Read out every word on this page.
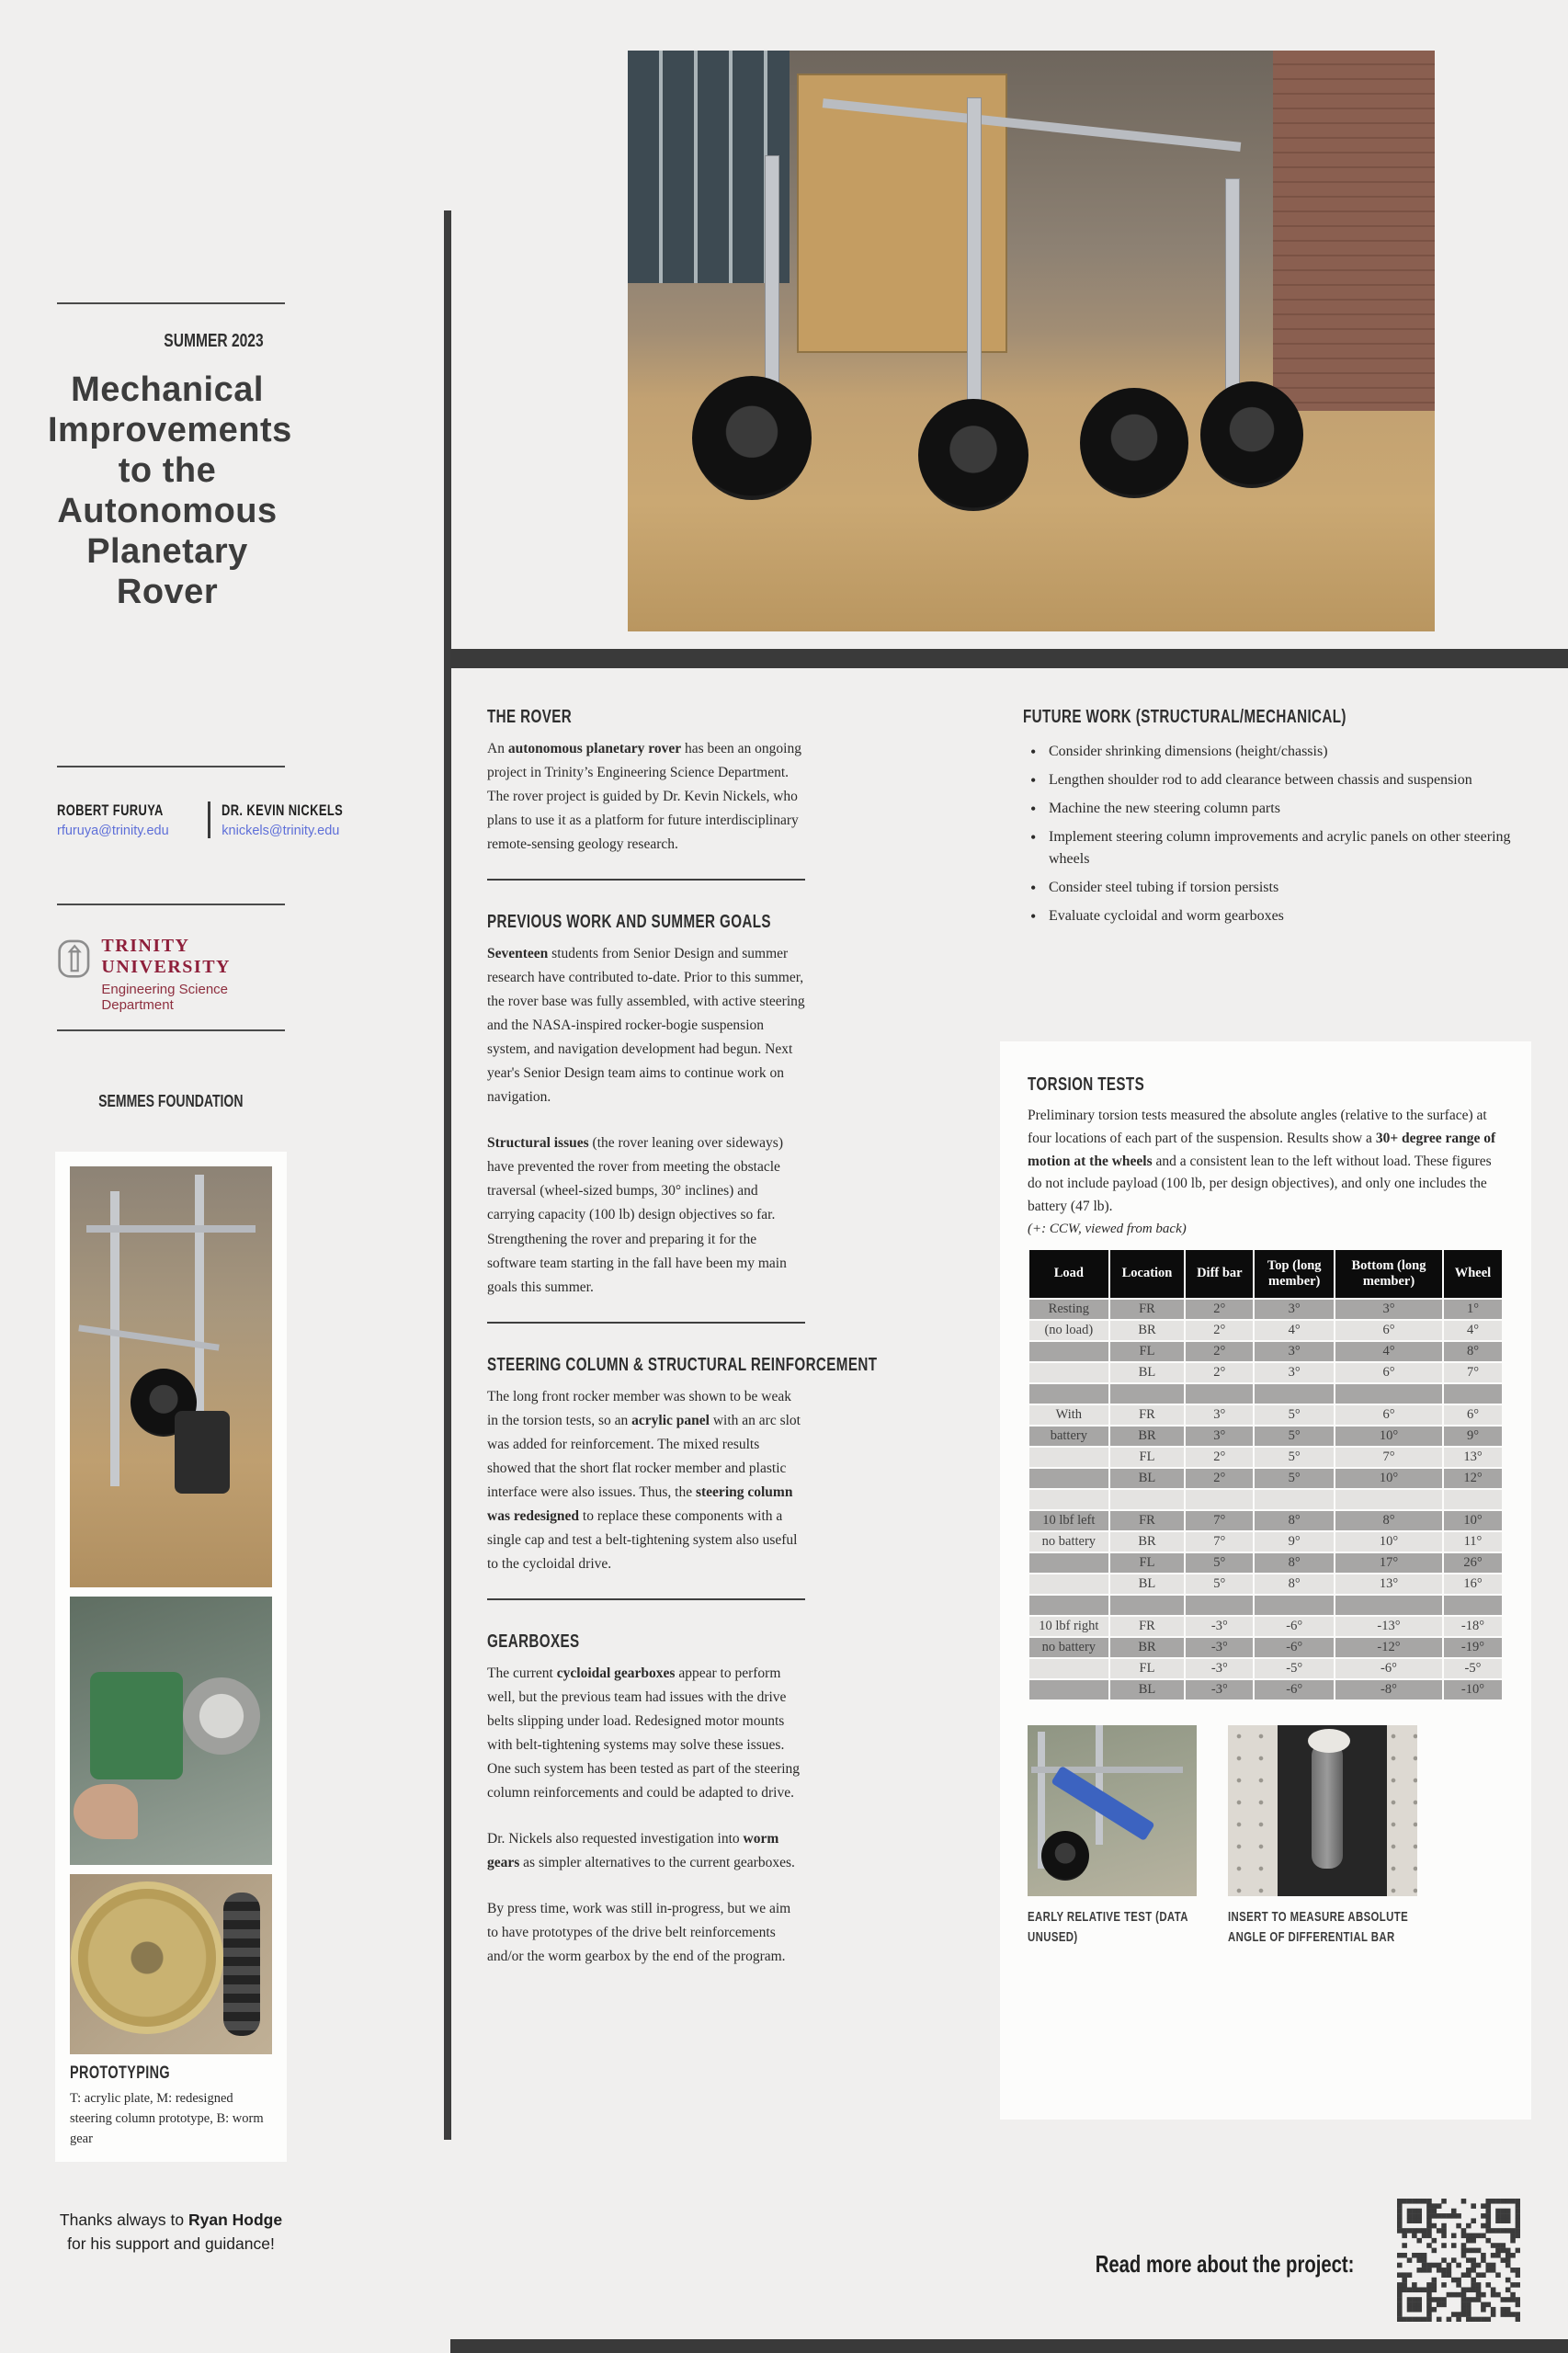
SUMMER 2023
Mechanical
Improvements
to the
Autonomous
Planetary
Rover
ROBERT FURUYA
rfuruya@trinity.edu
DR. KEVIN NICKELS
knickels@trinity.edu
TRINITY UNIVERSITY
Engineering Science Department
SEMMES FOUNDATION
PROTOTYPING
T: acrylic plate, M: redesigned steering column prototype, B: worm gear
Thanks always to Ryan Hodge for his support and guidance!
THE ROVER

An autonomous planetary rover has been an ongoing project in Trinity’s Engineering Science Department. The rover project is guided by Dr. Kevin Nickels, who plans to use it as a platform for future interdisciplinary remote-sensing geology research.

PREVIOUS WORK AND SUMMER GOALS

Seventeen students from Senior Design and summer research have contributed to-date. Prior to this summer, the rover base was fully assembled, with active steering and the NASA-inspired rocker-bogie suspension system, and navigation development had begun. Next year's Senior Design team aims to continue work on navigation.

Structural issues (the rover leaning over sideways) have prevented the rover from meeting the obstacle traversal (wheel-sized bumps, 30° inclines) and carrying capacity (100 lb) design objectives so far. Strengthening the rover and preparing it for the software team starting in the fall have been my main goals this summer.

STEERING COLUMN & STRUCTURAL REINFORCEMENT

The long front rocker member was shown to be weak in the torsion tests, so an acrylic panel with an arc slot was added for reinforcement. The mixed results showed that the short flat rocker member and plastic interface were also issues. Thus, the steering column was redesigned to replace these components with a single cap and test a belt-tightening system also useful to the cycloidal drive.

GEARBOXES

The current cycloidal gearboxes appear to perform well, but the previous team had issues with the drive belts slipping under load. Redesigned motor mounts with belt-tightening systems may solve these issues. One such system has been tested as part of the steering column reinforcements and could be adapted to drive.

Dr. Nickels also requested investigation into worm gears as simpler alternatives to the current gearboxes.

By press time, work was still in-progress, but we aim to have prototypes of the drive belt reinforcements and/or the worm gearbox by the end of the program.

FUTURE WORK (STRUCTURAL/MECHANICAL)
• Consider shrinking dimensions (height/chassis)
• Lengthen shoulder rod to add clearance between chassis and suspension
• Machine the new steering column parts
• Implement steering column improvements and acrylic panels on other steering wheels
• Consider steel tubing if torsion persists
• Evaluate cycloidal and worm gearboxes
TORSION TESTS

Preliminary torsion tests measured the absolute angles (relative to the surface) at four locations of each part of the suspension. Results show a 30+ degree range of motion at the wheels and a consistent lean to the left without load. These figures do not include payload (100 lb, per design objectives), and only one includes the battery (47 lb).

(+: CCW, viewed from back)
Load	Location	Diff bar	Top (long member)	Bottom (long member)	Wheel
Resting	FR	2°	3°	3°	1°
(no load)	BR	2°	4°	6°	4°
	FL	2°	3°	4°	8°
	BL	2°	3°	6°	7°

With	FR	3°	5°	6°	6°
battery	BR	3°	5°	10°	9°
	FL	2°	5°	7°	13°
	BL	2°	5°	10°	12°

10 lbf left	FR	7°	8°	8°	10°
no battery	BR	7°	9°	10°	11°
	FL	5°	8°	17°	26°
	BL	5°	8°	13°	16°

10 lbf right	FR	-3°	-6°	-13°	-18°
no battery	BR	-3°	-6°	-12°	-19°
	FL	-3°	-5°	-6°	-5°
	BL	-3°	-6°	-8°	-10°
EARLY RELATIVE TEST (DATA UNUSED)
INSERT TO MEASURE ABSOLUTE ANGLE OF DIFFERENTIAL BAR
Read more about the project:
